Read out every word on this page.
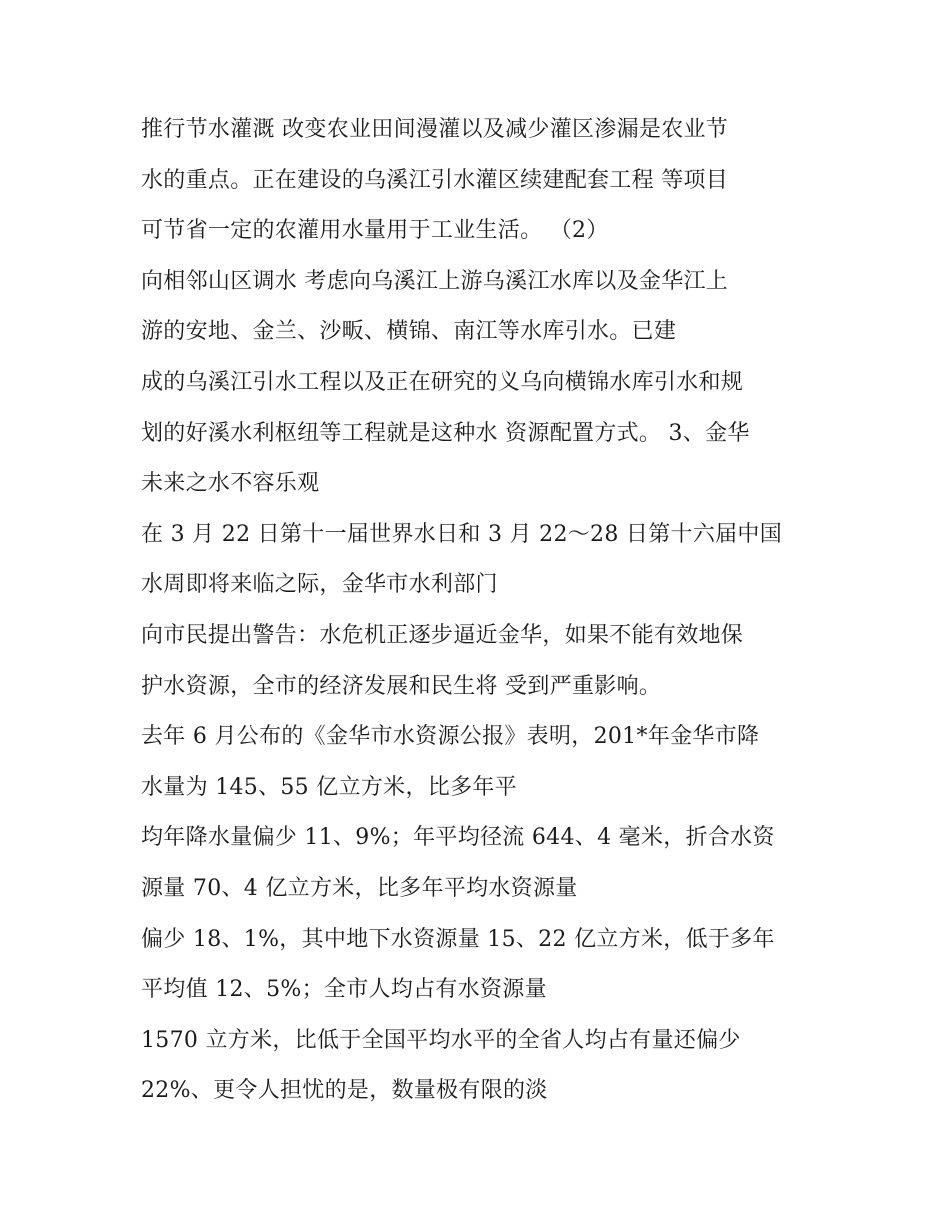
推行节水灌溉 改变农业田间漫灌以及减少灌区渗漏是农业节
水的重点。正在建设的乌溪江引水灌区续建配套工程 等项目
可节省一定的农灌用水量用于工业生活。 （2）
向相邻山区调水 考虑向乌溪江上游乌溪江水库以及金华江上
游的安地、金兰、沙畈、横锦、南江等水库引水。已建
成的乌溪江引水工程以及正在研究的义乌向横锦水库引水和规
划的好溪水利枢纽等工程就是这种水 资源配置方式。 3、金华
未来之水不容乐观
在 3 月 22 日第十一届世界水日和 3 月 22～28 日第十六届中国
水周即将来临之际，金华市水利部门
向市民提出警告：水危机正逐步逼近金华，如果不能有效地保
护水资源，全市的经济发展和民生将 受到严重影响。
去年 6 月公布的《金华市水资源公报》表明，201*年金华市降
水量为 145、55 亿立方米，比多年平
均年降水量偏少 11、9%；年平均径流 644、4 毫米，折合水资
源量 70、4 亿立方米，比多年平均水资源量
偏少 18、1%，其中地下水资源量 15、22 亿立方米，低于多年
平均值 12、5%；全市人均占有水资源量
1570 立方米，比低于全国平均水平的全省人均占有量还偏少
22%、更令人担忧的是，数量极有限的淡
